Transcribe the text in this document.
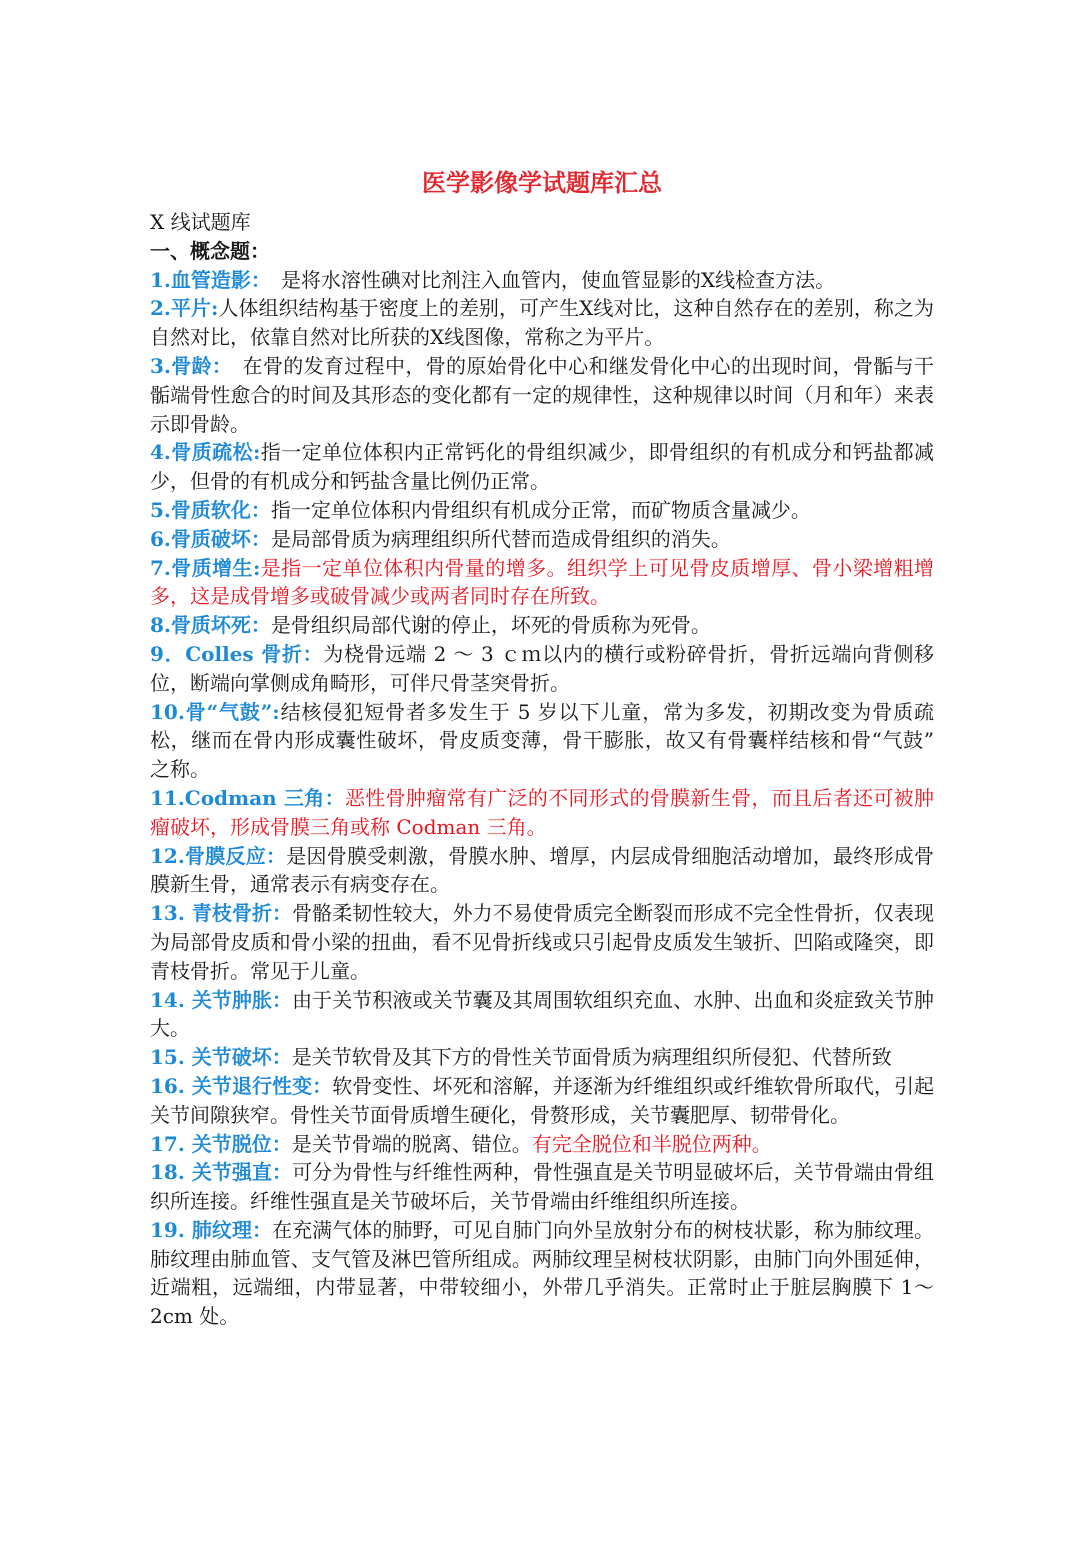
医学影像学试题库汇总

X 线试题库

一、概念题：

1.血管造影：　是将水溶性碘对比剂注入血管内，使血管显影的X线检查方法。

2.平片:人体组织结构基于密度上的差别，可产生X线对比，这种自然存在的差别，称之为自然对比，依靠自然对比所获的X线图像，常称之为平片。

3.骨龄：　在骨的发育过程中，骨的原始骨化中心和继发骨化中心的出现时间，骨骺与干骺端骨性愈合的时间及其形态的变化都有一定的规律性，这种规律以时间（月和年）来表示即骨龄。

4.骨质疏松:指一定单位体积内正常钙化的骨组织减少，即骨组织的有机成分和钙盐都减少，但骨的有机成分和钙盐含量比例仍正常。

5.骨质软化：指一定单位体积内骨组织有机成分正常，而矿物质含量减少。

6.骨质破坏：是局部骨质为病理组织所代替而造成骨组织的消失。

7.骨质增生:是指一定单位体积内骨量的增多。组织学上可见骨皮质增厚、骨小梁增粗增多，这是成骨增多或破骨减少或两者同时存在所致。

8.骨质坏死：是骨组织局部代谢的停止，坏死的骨质称为死骨。

9．Colles 骨折：为桡骨远端 2 ～ 3 ｃｍ以内的横行或粉碎骨折，骨折远端向背侧移位，断端向掌侧成角畸形，可伴尺骨茎突骨折。

10.骨“气鼓”:结核侵犯短骨者多发生于 5 岁以下儿童，常为多发，初期改变为骨质疏松，继而在骨内形成囊性破坏，骨皮质变薄，骨干膨胀，故又有骨囊样结核和骨“气鼓” 之称。

11.Codman 三角：恶性骨肿瘤常有广泛的不同形式的骨膜新生骨，而且后者还可被肿瘤破坏，形成骨膜三角或称 Codman 三角。

12.骨膜反应：是因骨膜受刺激，骨膜水肿、增厚，内层成骨细胞活动增加，最终形成骨膜新生骨，通常表示有病变存在。

13. 青枝骨折：骨骼柔韧性较大，外力不易使骨质完全断裂而形成不完全性骨折，仅表现为局部骨皮质和骨小梁的扭曲，看不见骨折线或只引起骨皮质发生皱折、凹陷或隆突，即青枝骨折。常见于儿童。

14. 关节肿胀：由于关节积液或关节囊及其周围软组织充血、水肿、出血和炎症致关节肿大。

15. 关节破坏：是关节软骨及其下方的骨性关节面骨质为病理组织所侵犯、代替所致

16. 关节退行性变：软骨变性、坏死和溶解，并逐渐为纤维组织或纤维软骨所取代，引起关节间隙狭窄。骨性关节面骨质增生硬化，骨赘形成，关节囊肥厚、韧带骨化。

17. 关节脱位：是关节骨端的脱离、错位。有完全脱位和半脱位两种。

18. 关节强直：可分为骨性与纤维性两种，骨性强直是关节明显破坏后，关节骨端由骨组织所连接。纤维性强直是关节破坏后，关节骨端由纤维组织所连接。

19. 肺纹理：在充满气体的肺野，可见自肺门向外呈放射分布的树枝状影，称为肺纹理。肺纹理由肺血管、支气管及淋巴管所组成。两肺纹理呈树枝状阴影，由肺门向外围延伸，近端粗，远端细，内带显著，中带较细小，外带几乎消失。正常时止于脏层胸膜下 1～2cm 处。
